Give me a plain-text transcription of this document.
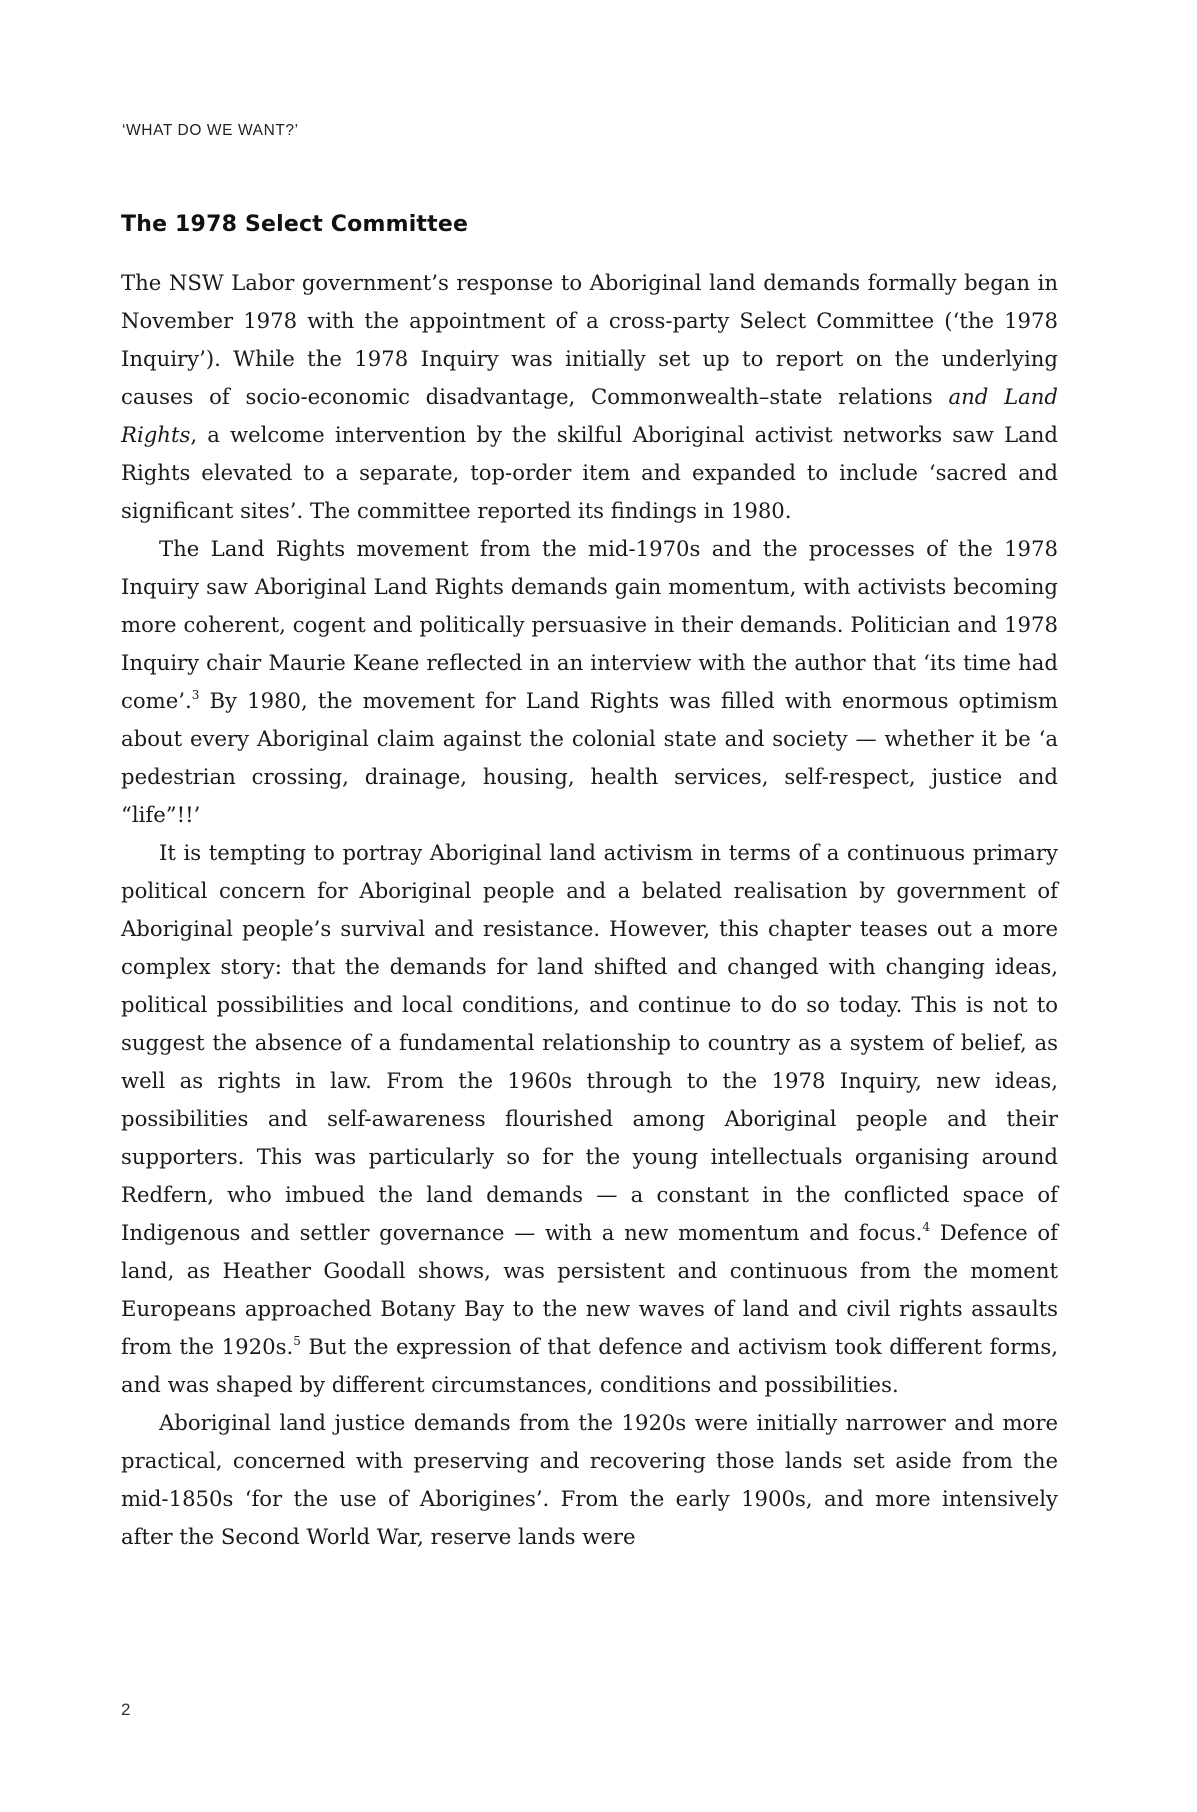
‘WHAT DO WE WANT?’
The 1978 Select Committee

The NSW Labor government’s response to Aboriginal land demands formally began in November 1978 with the appointment of a cross-party Select Committee (‘the 1978 Inquiry’). While the 1978 Inquiry was initially set up to report on the underlying causes of socio-economic disadvantage, Commonwealth–state relations and Land Rights, a welcome intervention by the skilful Aboriginal activist networks saw Land Rights elevated to a separate, top-order item and expanded to include ‘sacred and significant sites’. The committee reported its findings in 1980.

The Land Rights movement from the mid-1970s and the processes of the 1978 Inquiry saw Aboriginal Land Rights demands gain momentum, with activists becoming more coherent, cogent and politically persuasive in their demands. Politician and 1978 Inquiry chair Maurie Keane reflected in an interview with the author that ‘its time had come’.$^3$ By 1980, the movement for Land Rights was filled with enormous optimism about every Aboriginal claim against the colonial state and society — whether it be ‘a pedestrian crossing, drainage, housing, health services, self-respect, justice and “life”!!’

It is tempting to portray Aboriginal land activism in terms of a continuous primary political concern for Aboriginal people and a belated realisation by government of Aboriginal people’s survival and resistance. However, this chapter teases out a more complex story: that the demands for land shifted and changed with changing ideas, political possibilities and local conditions, and continue to do so today. This is not to suggest the absence of a fundamental relationship to country as a system of belief, as well as rights in law. From the 1960s through to the 1978 Inquiry, new ideas, possibilities and self-awareness flourished among Aboriginal people and their supporters. This was particularly so for the young intellectuals organising around Redfern, who imbued the land demands — a constant in the conflicted space of Indigenous and settler governance — with a new momentum and focus.$^4$ Defence of land, as Heather Goodall shows, was persistent and continuous from the moment Europeans approached Botany Bay to the new waves of land and civil rights assaults from the 1920s.$^5$ But the expression of that defence and activism took different forms, and was shaped by different circumstances, conditions and possibilities.

Aboriginal land justice demands from the 1920s were initially narrower and more practical, concerned with preserving and recovering those lands set aside from the mid-1850s ‘for the use of Aborigines’. From the early 1900s, and more intensively after the Second World War, reserve lands were

2
